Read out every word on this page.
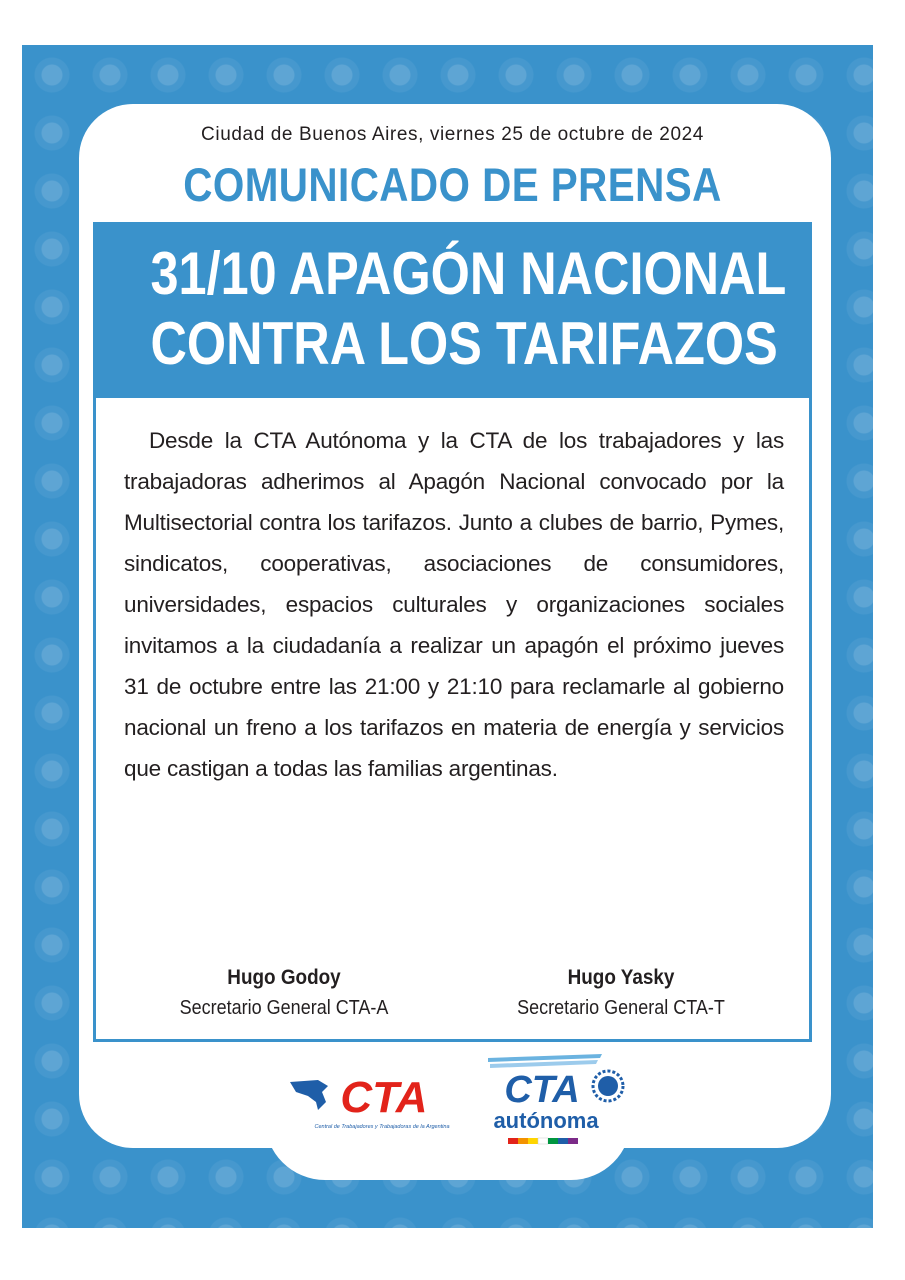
Ciudad de Buenos Aires, viernes 25 de octubre de 2024
COMUNICADO DE PRENSA
31/10 APAGÓN NACIONAL
CONTRA LOS TARIFAZOS
Desde la CTA Autónoma y la CTA de los trabajadores y las trabajadoras adherimos al Apagón Nacional convocado por la Multisectorial contra los tarifazos. Junto a clubes de barrio, Pymes, sindicatos, cooperativas, asociaciones de consumidores, universidades, espacios culturales y organizaciones sociales invitamos a la ciudadanía a realizar un apagón el próximo jueves 31 de octubre entre las 21:00 y 21:10 para reclamarle al gobierno nacional un freno a los tarifazos en materia de energía y servicios que castigan a todas las familias argentinas.
Hugo Godoy
Secretario General CTA-A
Hugo Yasky
Secretario General CTA-T
CTA
Central de Trabajadores y Trabajadoras de la Argentina
CTA
autónoma
